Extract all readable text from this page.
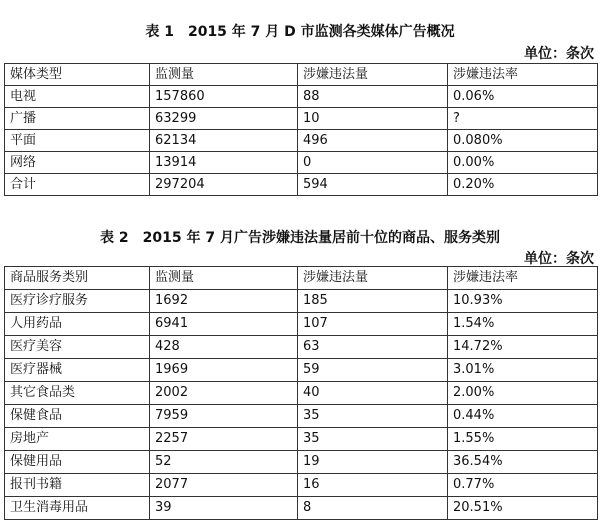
表 1　2015 年 7 月 D 市监测各类媒体广告概况
单位：条次
媒体类型	监测量	涉嫌违法量	涉嫌违法率
电视	157860	88	0.06%
广播	63299	10	?
平面	62134	496	0.080%
网络	13914	0	0.00%
合计	297204	594	0.20%
表 2　2015 年 7 月广告涉嫌违法量居前十位的商品、服务类别
单位：条次
商品服务类别	监测量	涉嫌违法量	涉嫌违法率
医疗诊疗服务	1692	185	10.93%
人用药品	6941	107	1.54%
医疗美容	428	63	14.72%
医疗器械	1969	59	3.01%
其它食品类	2002	40	2.00%
保健食品	7959	35	0.44%
房地产	2257	35	1.55%
保健用品	52	19	36.54%
报刊书籍	2077	16	0.77%
卫生消毒用品	39	8	20.51%
